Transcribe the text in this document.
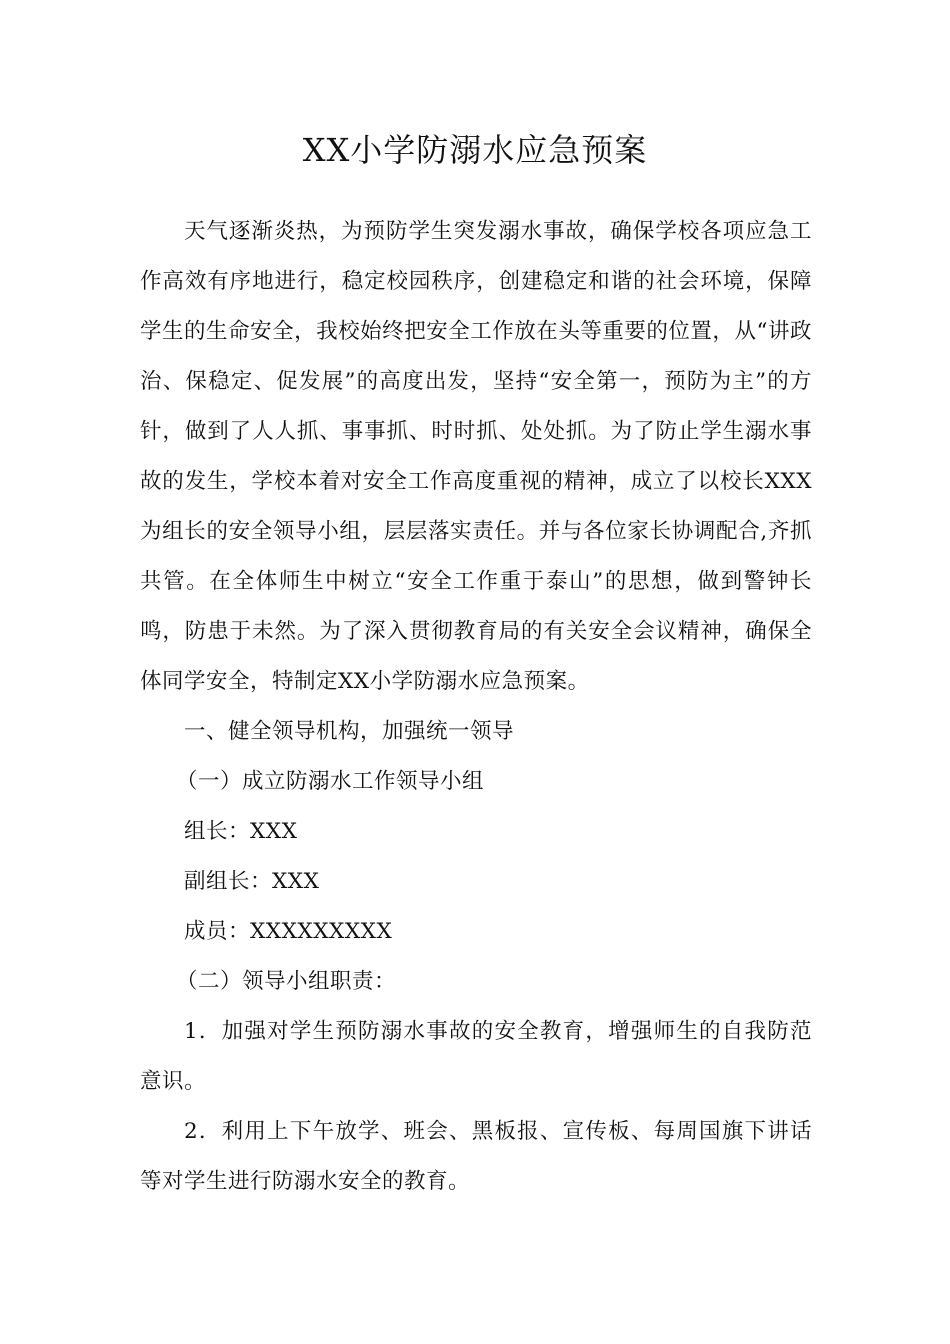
XX小学防溺水应急预案

天气逐渐炎热，为预防学生突发溺水事故，确保学校各项应急工作高效有序地进行，稳定校园秩序，创建稳定和谐的社会环境，保障学生的生命安全，我校始终把安全工作放在头等重要的位置，从“讲政治、保稳定、促发展”的高度出发，坚持“安全第一，预防为主”的方针，做到了人人抓、事事抓、时时抓、处处抓。为了防止学生溺水事故的发生，学校本着对安全工作高度重视的精神，成立了以校长XXX为组长的安全领导小组，层层落实责任。并与各位家长协调配合,齐抓共管。在全体师生中树立“安全工作重于泰山”的思想，做到警钟长鸣，防患于未然。为了深入贯彻教育局的有关安全会议精神，确保全体同学安全，特制定XX小学防溺水应急预案。

一、健全领导机构，加强统一领导

（一）成立防溺水工作领导小组

组长：XXX

副组长：XXX

成员：XXXXXXXXX

（二）领导小组职责：

1．加强对学生预防溺水事故的安全教育，增强师生的自我防范意识。

2．利用上下午放学、班会、黑板报、宣传板、每周国旗下讲话等对学生进行防溺水安全的教育。
